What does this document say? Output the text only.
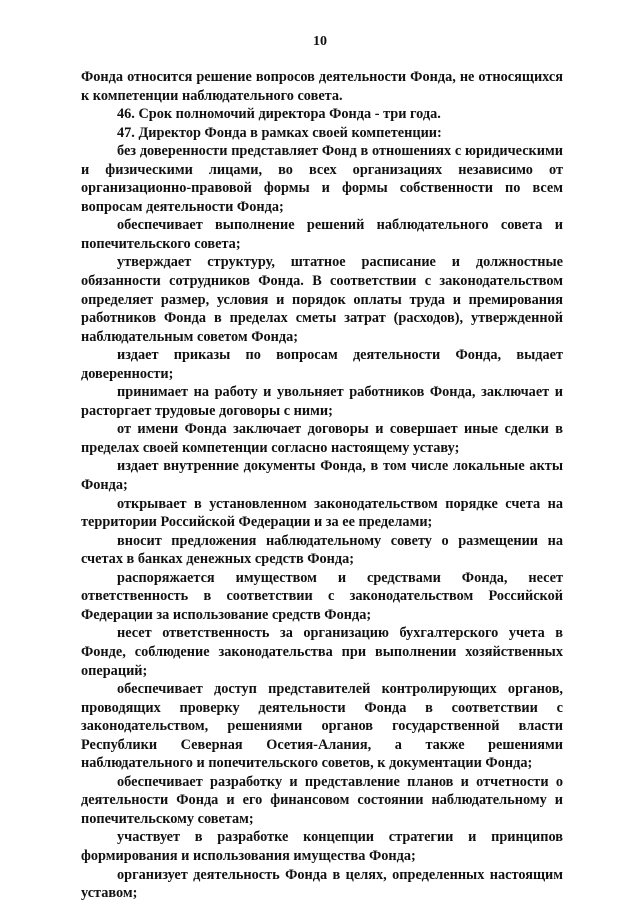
10

Фонда относится решение вопросов деятельности Фонда, не относящихся к компетенции наблюдательного совета.

46. Срок полномочий директора Фонда - три года.

47. Директор Фонда в рамках своей компетенции:

без доверенности представляет Фонд в отношениях с юридическими и физическими лицами, во всех организациях независимо от организационно-правовой формы и формы собственности по всем вопросам деятельности Фонда;

обеспечивает выполнение решений наблюдательного совета и попечительского совета;

утверждает структуру, штатное расписание и должностные обязанности сотрудников Фонда. В соответствии с законодательством определяет размер, условия и порядок оплаты труда и премирования работников Фонда в пределах сметы затрат (расходов), утвержденной наблюдательным советом Фонда;

издает приказы по вопросам деятельности Фонда, выдает доверенности;

принимает на работу и увольняет работников Фонда, заключает и расторгает трудовые договоры с ними;

от имени Фонда заключает договоры и совершает иные сделки в пределах своей компетенции согласно настоящему уставу;

издает внутренние документы Фонда, в том числе локальные акты Фонда;

открывает в установленном законодательством порядке счета на территории Российской Федерации и за ее пределами;

вносит предложения наблюдательному совету о размещении на счетах в банках денежных средств Фонда;

распоряжается имуществом и средствами Фонда, несет ответственность в соответствии с законодательством Российской Федерации за использование средств Фонда;

несет ответственность за организацию бухгалтерского учета в Фонде, соблюдение законодательства при выполнении хозяйственных операций;

обеспечивает доступ представителей контролирующих органов, проводящих проверку деятельности Фонда в соответствии с законодательством, решениями органов государственной власти Республики Северная Осетия-Алания, а также решениями наблюдательного и попечительского советов, к документации Фонда;

обеспечивает разработку и представление планов и отчетности о деятельности Фонда и его финансовом состоянии наблюдательному и попечительскому советам;

участвует в разработке концепции стратегии и принципов формирования и использования имущества Фонда;

организует деятельность Фонда в целях, определенных настоящим уставом;
